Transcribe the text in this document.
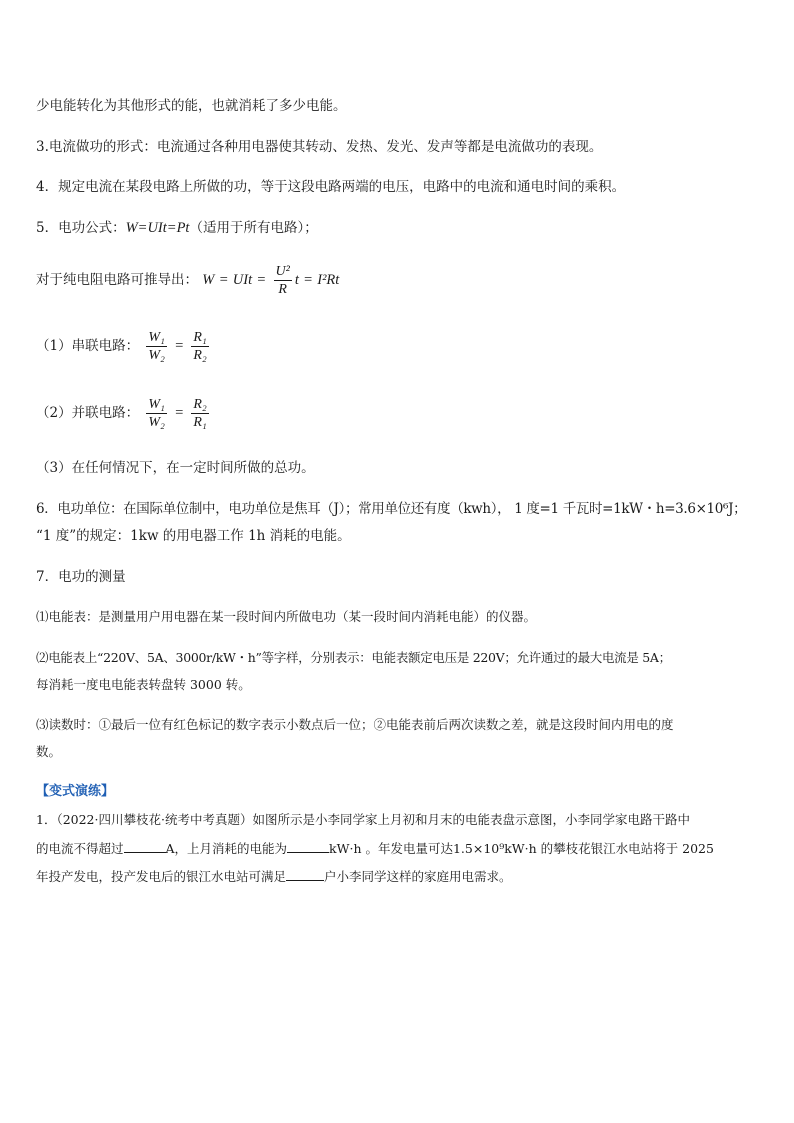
少电能转化为其他形式的能，也就消耗了多少电能。
3.电流做功的形式：电流通过各种用电器使其转动、发热、发光、发声等都是电流做功的表现。
4．规定电流在某段电路上所做的功，等于这段电路两端的电压，电路中的电流和通电时间的乘积。
5．电功公式：W=UIt=Pt（适用于所有电路）；
对于纯电阻电路可推导出： W = UIt = $\frac{\text{U²}}{R}$ t = I²Rt
（1）串联电路： $\frac{\text{W₁}}{\text{W₂}} = \frac{\text{R₁}}{\text{R₂}}$
（2）并联电路： $\frac{\text{W₁}}{\text{W₂}} = \frac{\text{R₂}}{\text{R₁}}$
（3）在任何情况下，在一定时间所做的总功。
6．电功单位：在国际单位制中，电功单位是焦耳（J）；常用单位还有度（kwh）， 1 度=1 千瓦时=1kW・h=3.6×10⁶J；
“1 度”的规定：1kw 的用电器工作 1h 消耗的电能。
7．电功的测量
⑴电能表：是测量用户用电器在某一段时间内所做电功（某一段时间内消耗电能）的仪器。
⑵电能表上“220V、5A、3000r/kW・h”等字样，分别表示：电能表额定电压是 220V；允许通过的最大电流是 5A；
每消耗一度电电能表转盘转 3000 转。
⑶读数时：①最后一位有红色标记的数字表示小数点后一位；②电能表前后两次读数之差，就是这段时间内用电的度
数。
【变式演练】
1．（2022·四川攀枝花·统考中考真题）如图所示是小李同学家上月初和月末的电能表盘示意图，小李同学家电路干路中
的电流不得超过	A，上月消耗的电能为	kW·h 。年发电量可达1.5×10⁹kW·h 的攀枝花银江水电站将于 2025
年投产发电，投产发电后的银江水电站可满足	户小李同学这样的家庭用电需求。
